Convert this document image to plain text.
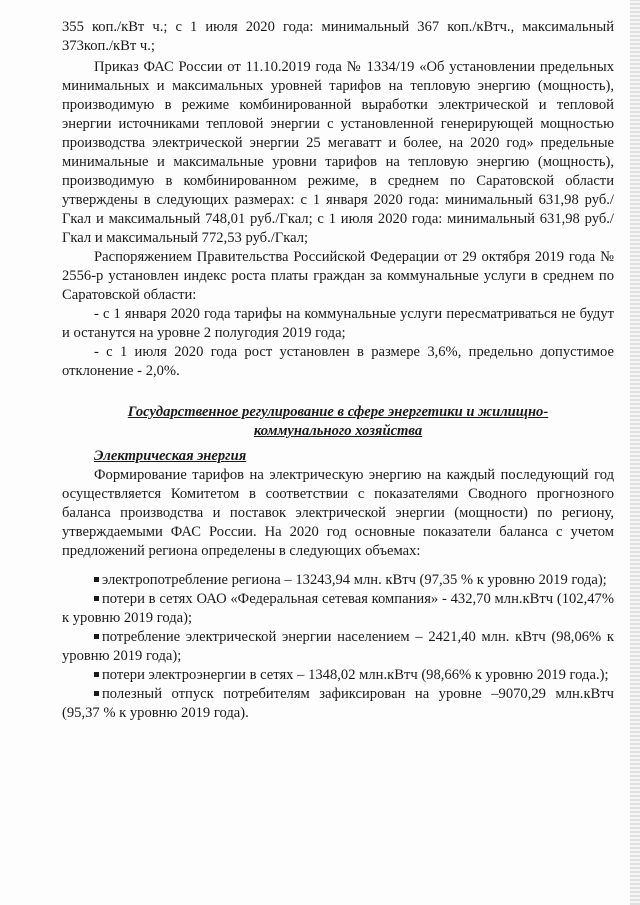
355 коп./кВт ч.; с 1 июля 2020 года: минимальный 367 коп./кВтч., максимальный 373коп./кВт ч.;

Приказ ФАС России от 11.10.2019 года № 1334/19 «Об установлении предельных минимальных и максимальных уровней тарифов на тепловую энергию (мощность), производимую в режиме комбинированной выработки электрической и тепловой энергии источниками тепловой энергии с установленной генерирующей мощностью производства электрической энергии 25 мегаватт и более, на 2020 год» предельные минимальные и максимальные уровни тарифов на тепловую энергию (мощность), производимую в комбинированном режиме, в среднем по Саратовской области утверждены в следующих размерах: с 1 января 2020 года: минимальный 631,98 руб./Гкал и максимальный 748,01 руб./Гкал; с 1 июля 2020 года: минимальный 631,98 руб./Гкал и максимальный 772,53 руб./Гкал;

Распоряжением Правительства Российской Федерации от 29 октября 2019 года № 2556-р установлен индекс роста платы граждан за коммунальные услуги в среднем по Саратовской области:

- с 1 января 2020 года тарифы на коммунальные услуги пересматриваться не будут и останутся на уровне 2 полугодия 2019 года;

- с 1 июля 2020 года рост установлен в размере 3,6%, предельно допустимое отклонение - 2,0%.

Государственное регулирование в сфере энергетики и жилищно-
коммунального хозяйства

Электрическая энергия

Формирование тарифов на электрическую энергию на каждый последующий год осуществляется Комитетом в соответствии с показателями Сводного прогнозного баланса производства и поставок электрической энергии (мощности) по региону, утверждаемыми ФАС России. На 2020 год основные показатели баланса с учетом предложений региона определены в следующих объемах:

электропотребление региона – 13243,94 млн. кВтч (97,35 % к уровню 2019 года);

потери в сетях ОАО «Федеральная сетевая компания» - 432,70 млн.кВтч (102,47% к уровню 2019 года);

потребление электрической энергии населением – 2421,40 млн. кВтч (98,06% к уровню 2019 года);

потери электроэнергии в сетях – 1348,02 млн.кВтч (98,66% к уровню 2019 года.);

полезный отпуск потребителям зафиксирован на уровне –9070,29 млн.кВтч (95,37 % к уровню 2019 года).
